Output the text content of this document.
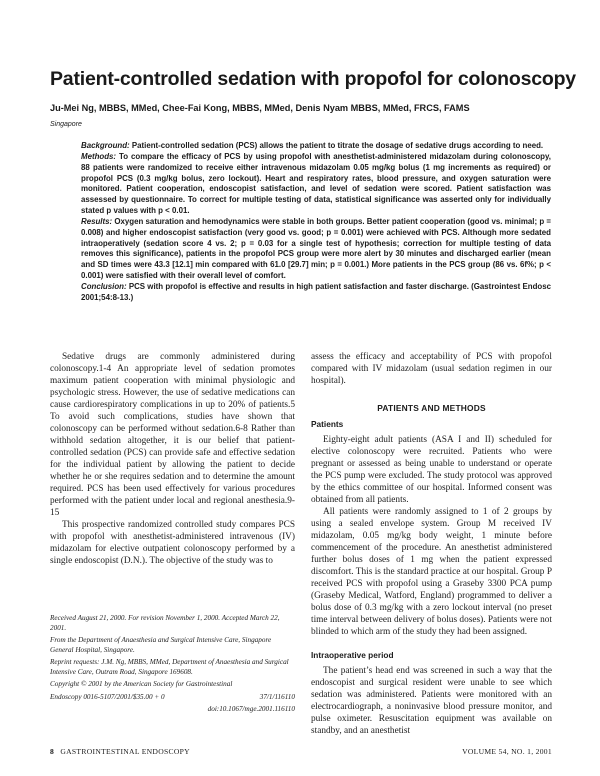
Patient-controlled sedation with propofol for colonoscopy
Ju-Mei Ng, MBBS, MMed, Chee-Fai Kong, MBBS, MMed, Denis Nyam MBBS, MMed, FRCS, FAMS
Singapore

Background: Patient-controlled sedation (PCS) allows the patient to titrate the dosage of sedative drugs according to need.

Methods: To compare the efficacy of PCS by using propofol with anesthetist-administered midazolam during colonoscopy, 88 patients were randomized to receive either intravenous midazolam 0.05 mg/kg bolus (1 mg increments as required) or propofol PCS (0.3 mg/kg bolus, zero lockout). Heart and respiratory rates, blood pressure, and oxygen saturation were monitored. Patient cooperation, endoscopist satisfaction, and level of sedation were scored. Patient satisfaction was assessed by questionnaire. To correct for multiple testing of data, statistical significance was asserted only for individually stated p values with p < 0.01.

Results: Oxygen saturation and hemodynamics were stable in both groups. Better patient cooperation (good vs. minimal; p = 0.008) and higher endoscopist satisfaction (very good vs. good; p = 0.001) were achieved with PCS. Although more sedated intraoperatively (sedation score 4 vs. 2; p = 0.03 for a single test of hypothesis; correction for multiple testing of data removes this significance), patients in the propofol PCS group were more alert by 30 minutes and discharged earlier (mean and SD times were 43.3 [12.1] min compared with 61.0 [29.7] min; p = 0.001.) More patients in the PCS group (86 vs. 6f%; p < 0.001) were satisfied with their overall level of comfort.

Conclusion: PCS with propofol is effective and results in high patient satisfaction and faster discharge. (Gastrointest Endosc 2001;54:8-13.)

Sedative drugs are commonly administered during colonoscopy.1-4 An appropriate level of sedation promotes maximum patient cooperation with minimal physiologic and psychologic stress. However, the use of sedative medications can cause cardiorespiratory complications in up to 20% of patients.5 To avoid such complications, studies have shown that colonoscopy can be performed without sedation.6-8 Rather than withhold sedation altogether, it is our belief that patient-controlled sedation (PCS) can provide safe and effective sedation for the individual patient by allowing the patient to decide whether he or she requires sedation and to determine the amount required. PCS has been used effectively for various procedures performed with the patient under local and regional anesthesia.9-15

This prospective randomized controlled study compares PCS with propofol with anesthetist-administered intravenous (IV) midazolam for elective outpatient colonoscopy performed by a single endoscopist (D.N.). The objective of the study was to

Received August 21, 2000. For revision November 1, 2000. Accepted March 22, 2001.
From the Department of Anaesthesia and Surgical Intensive Care, Singapore General Hospital, Singapore.
Reprint requests: J.M. Ng, MBBS, MMed, Department of Anaesthesia and Surgical Intensive Care, Outram Road, Singapore 169608.
Copyright © 2001 by the American Society for Gastrointestinal
Endoscopy 0016-5107/2001/$35.00 + 0	37/1/116110
doi:10.1067/mge.2001.116110

assess the efficacy and acceptability of PCS with propofol compared with IV midazolam (usual sedation regimen in our hospital).

PATIENTS AND METHODS
Patients

Eighty-eight adult patients (ASA I and II) scheduled for elective colonoscopy were recruited. Patients who were pregnant or assessed as being unable to understand or operate the PCS pump were excluded. The study protocol was approved by the ethics committee of our hospital. Informed consent was obtained from all patients.

All patients were randomly assigned to 1 of 2 groups by using a sealed envelope system. Group M received IV midazolam, 0.05 mg/kg body weight, 1 minute before commencement of the procedure. An anesthetist administered further bolus doses of 1 mg when the patient expressed discomfort. This is the standard practice at our hospital. Group P received PCS with propofol using a Graseby 3300 PCA pump (Graseby Medical, Watford, England) programmed to deliver a bolus dose of 0.3 mg/kg with a zero lockout interval (no preset time interval between delivery of bolus doses). Patients were not blinded to which arm of the study they had been assigned.

Intraoperative period

The patient’s head end was screened in such a way that the endoscopist and surgical resident were unable to see which sedation was administered. Patients were monitored with an electrocardiograph, a noninvasive blood pressure monitor, and pulse oximeter. Resuscitation equipment was available on standby, and an anesthetist

8 GASTROINTESTINAL ENDOSCOPY	VOLUME 54, NO. 1, 2001
